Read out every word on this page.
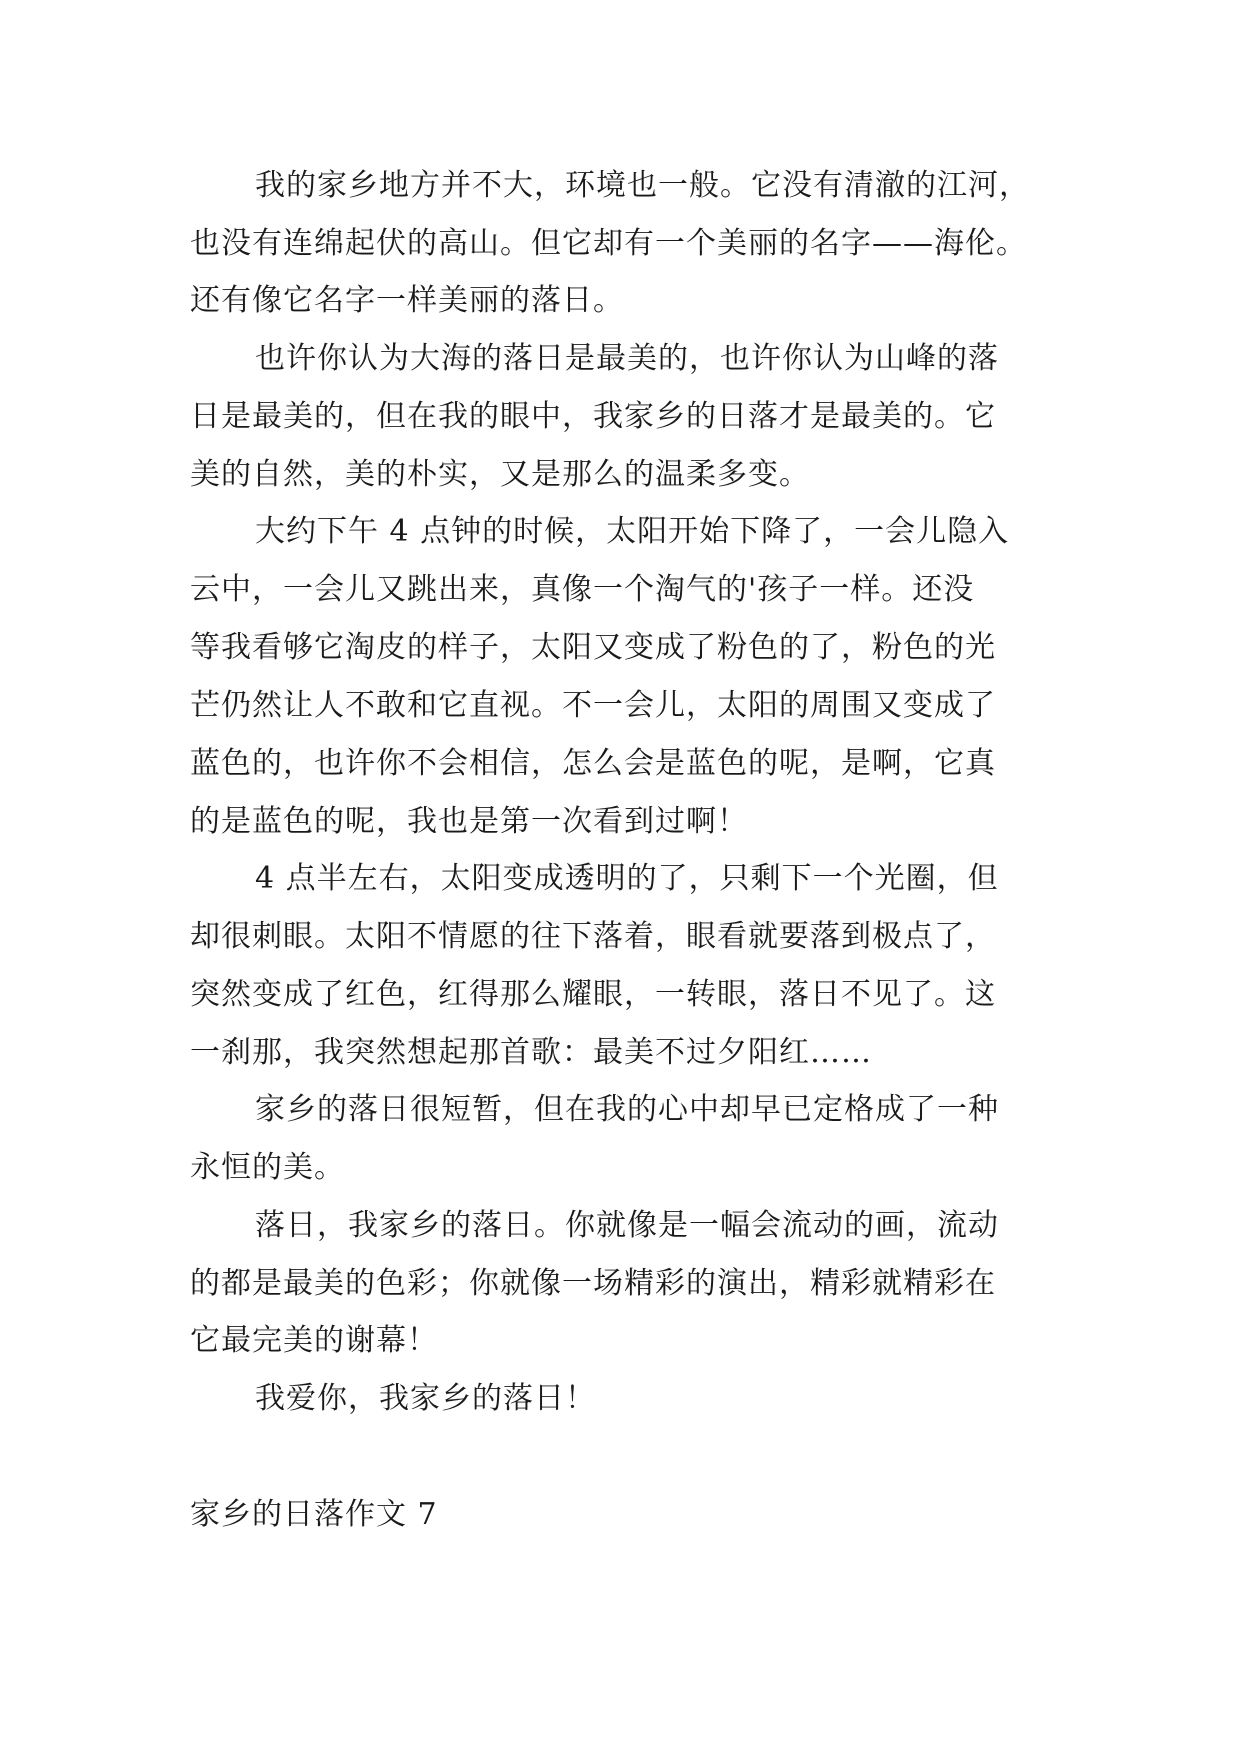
我的家乡地方并不大，环境也一般。它没有清澈的江河，

也没有连绵起伏的高山。但它却有一个美丽的名字——海伦。

还有像它名字一样美丽的落日。

也许你认为大海的落日是最美的，也许你认为山峰的落

日是最美的，但在我的眼中，我家乡的日落才是最美的。它

美的自然，美的朴实，又是那么的温柔多变。

大约下午 4 点钟的时候，太阳开始下降了，一会儿隐入

云中，一会儿又跳出来，真像一个淘气的'孩子一样。还没

等我看够它淘皮的样子，太阳又变成了粉色的了，粉色的光

芒仍然让人不敢和它直视。不一会儿，太阳的周围又变成了

蓝色的，也许你不会相信，怎么会是蓝色的呢，是啊，它真

的是蓝色的呢，我也是第一次看到过啊！

4 点半左右，太阳变成透明的了，只剩下一个光圈，但

却很刺眼。太阳不情愿的往下落着，眼看就要落到极点了，

突然变成了红色，红得那么耀眼，一转眼，落日不见了。这

一刹那，我突然想起那首歌：最美不过夕阳红……

家乡的落日很短暂，但在我的心中却早已定格成了一种

永恒的美。

落日，我家乡的落日。你就像是一幅会流动的画，流动

的都是最美的色彩；你就像一场精彩的演出，精彩就精彩在

它最完美的谢幕！

我爱你，我家乡的落日！

家乡的日落作文 7
